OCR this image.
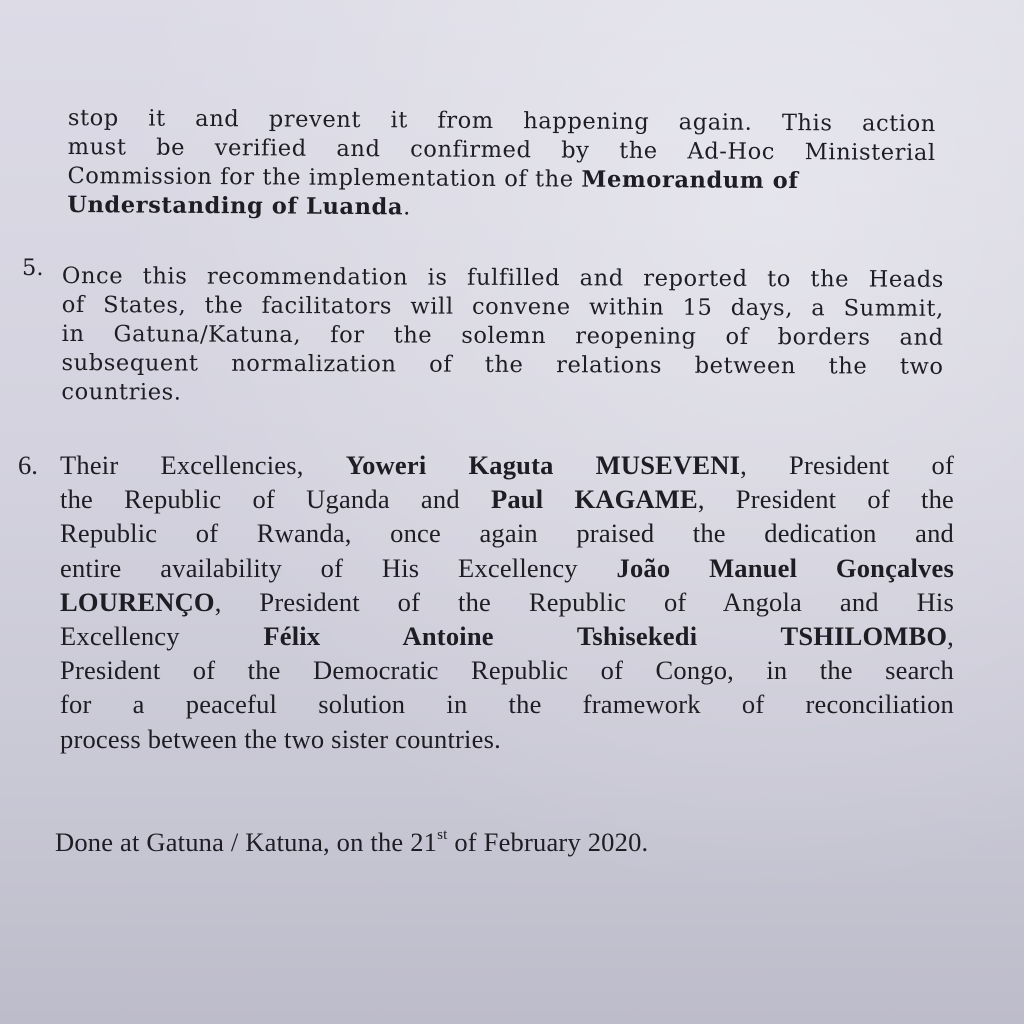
stop it and prevent it from happening again. This action
must be verified and confirmed by the Ad-Hoc Ministerial
Commission for the implementation of the Memorandum of
Understanding of Luanda.
5. Once this recommendation is fulfilled and reported to the Heads
of States, the facilitators will convene within 15 days, a Summit,
in Gatuna/Katuna, for the solemn reopening of borders and
subsequent normalization of the relations between the two
countries.
6. Their Excellencies, Yoweri Kaguta MUSEVENI, President of
the Republic of Uganda and Paul KAGAME, President of the
Republic of Rwanda, once again praised the dedication and
entire availability of His Excellency João Manuel Gonçalves
LOURENÇO, President of the Republic of Angola and His
Excellency	Félix Antoine Tshisekedi TSHILOMBO,
President of the Democratic Republic of Congo, in the search
for a peaceful solution in the framework of reconciliation
process between the two sister countries.
Done at Gatuna / Katuna, on the 21st of February 2020.
